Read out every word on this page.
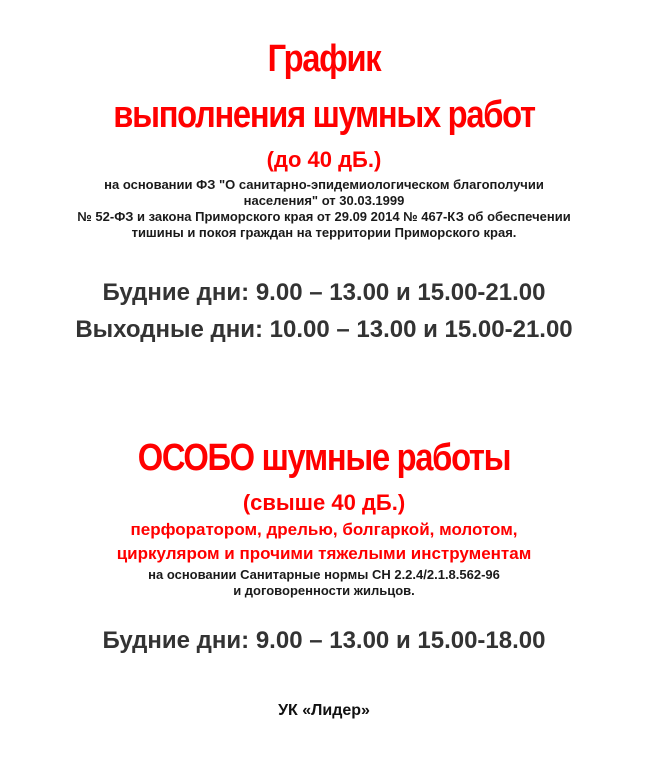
График
выполнения шумных работ
(до 40 дБ.)
на основании ФЗ "О санитарно-эпидемиологическом благополучии
населения" от 30.03.1999
№ 52-ФЗ и закона Приморского края от 29.09 2014 № 467-КЗ об обеспечении
тишины и покоя граждан на территории Приморского края.
Будние дни: 9.00 – 13.00 и 15.00-21.00
Выходные дни: 10.00 – 13.00 и 15.00-21.00
ОСОБО шумные работы
(свыше 40 дБ.)
перфоратором, дрелью, болгаркой, молотом,
циркуляром и прочими тяжелыми инструментам
на основании Санитарные нормы СН 2.2.4/2.1.8.562-96
и договоренности жильцов.
Будние дни: 9.00 – 13.00 и 15.00-18.00
УК «Лидер»
